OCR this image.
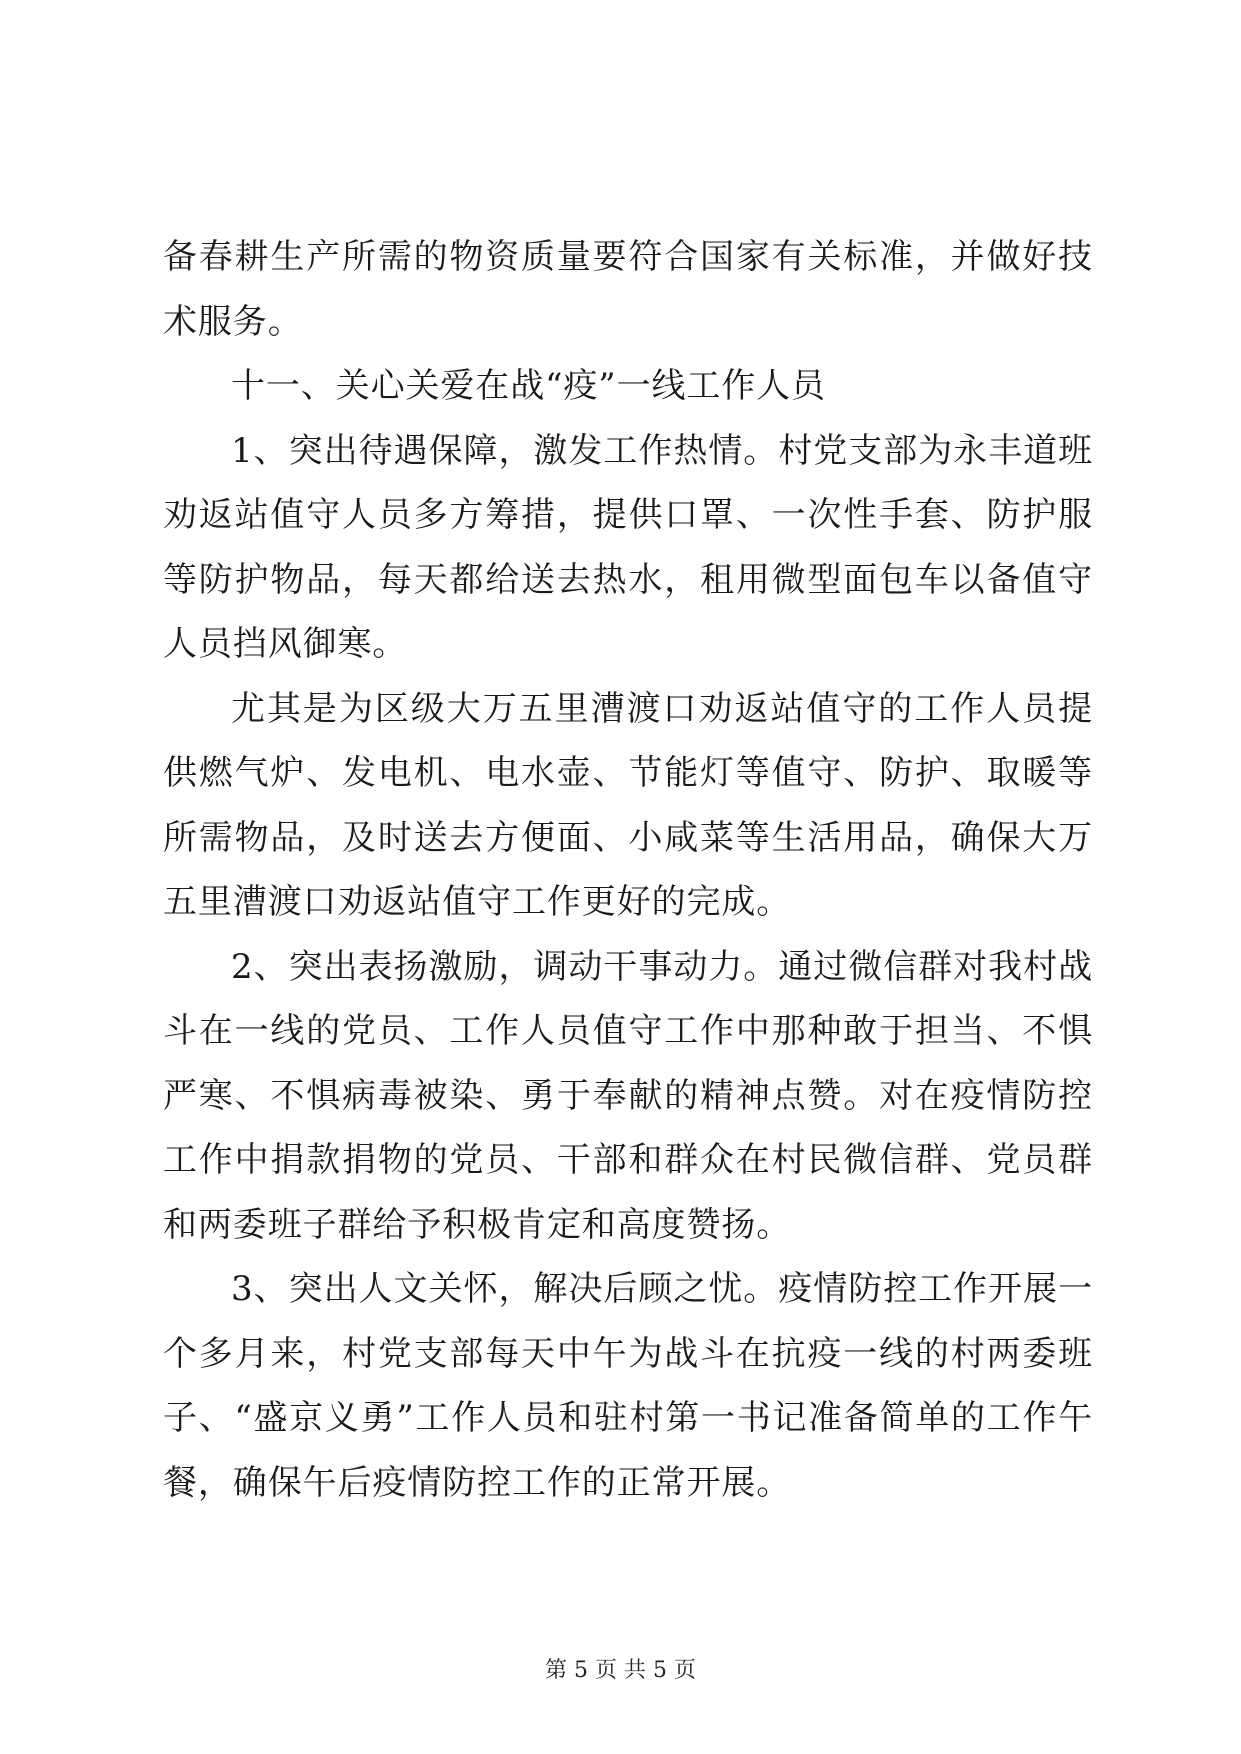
备春耕生产所需的物资质量要符合国家有关标准，并做好技术服务。

十一、关心关爱在战“疫”一线工作人员

1、突出待遇保障，激发工作热情。村党支部为永丰道班劝返站值守人员多方筹措，提供口罩、一次性手套、防护服等防护物品，每天都给送去热水，租用微型面包车以备值守人员挡风御寒。

尤其是为区级大万五里漕渡口劝返站值守的工作人员提供燃气炉、发电机、电水壶、节能灯等值守、防护、取暖等所需物品，及时送去方便面、小咸菜等生活用品，确保大万五里漕渡口劝返站值守工作更好的完成。

2、突出表扬激励，调动干事动力。通过微信群对我村战斗在一线的党员、工作人员值守工作中那种敢于担当、不惧严寒、不惧病毒被染、勇于奉献的精神点赞。对在疫情防控工作中捐款捐物的党员、干部和群众在村民微信群、党员群和两委班子群给予积极肯定和高度赞扬。

3、突出人文关怀，解决后顾之忧。疫情防控工作开展一个多月来，村党支部每天中午为战斗在抗疫一线的村两委班子、“盛京义勇”工作人员和驻村第一书记准备简单的工作午餐，确保午后疫情防控工作的正常开展。

第 5 页 共 5 页
